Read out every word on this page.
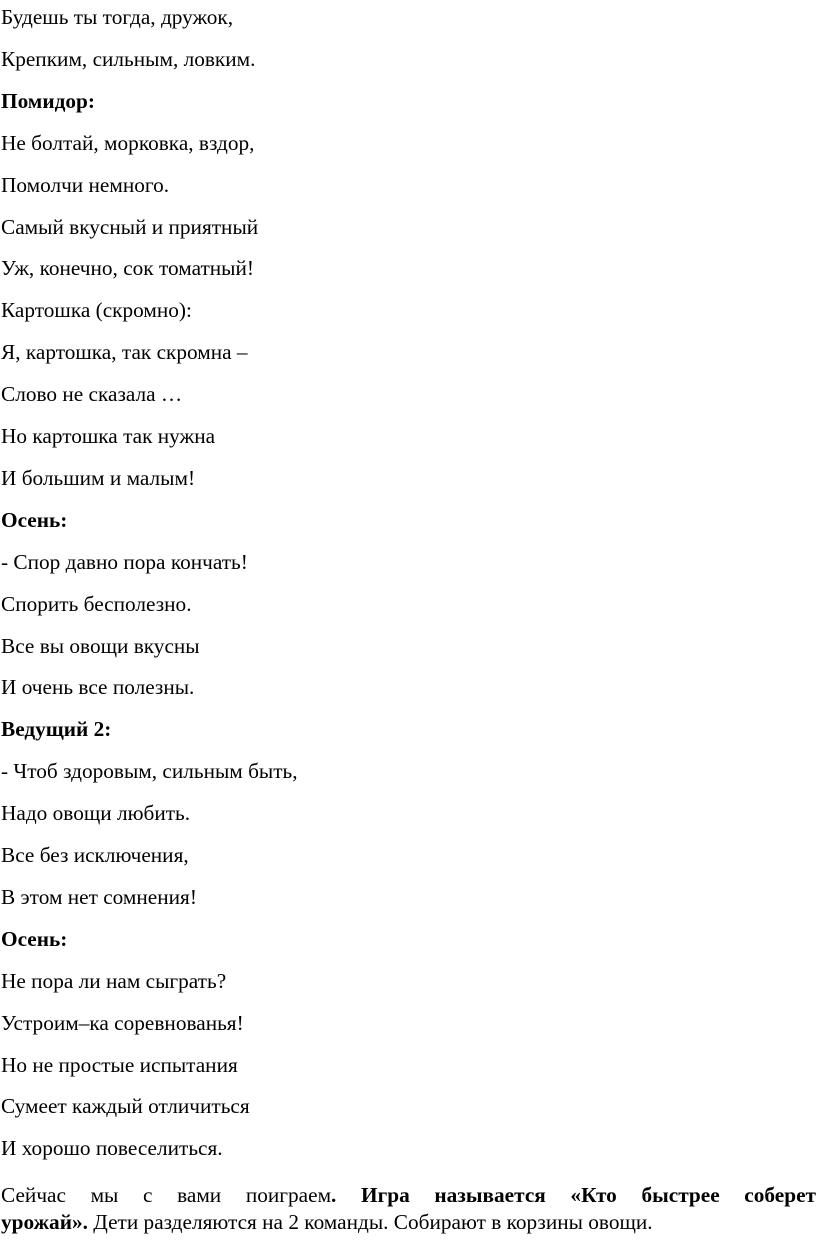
Будешь ты тогда, дружок,

Крепким, сильным, ловким.

Помидор:

Не болтай, морковка, вздор,

Помолчи немного.

Самый вкусный и приятный

Уж, конечно, сок томатный!

Картошка (скромно):

Я, картошка, так скромна –

Слово не сказала …

Но картошка так нужна

И большим и малым!

Осень:

- Спор давно пора кончать!

Спорить бесполезно.

Все вы овощи вкусны

И очень все полезны.

Ведущий 2:

- Чтоб здоровым, сильным быть,

Надо овощи любить.

Все без исключения,

В этом нет сомнения!

Осень:

Не пора ли нам сыграть?

Устроим–ка соревнованья!

Но не простые испытания

Сумеет каждый отличиться

И хорошо повеселиться.

Сейчас мы с вами поиграем. Игра называется «Кто быстрее соберет
урожай». Дети разделяются на 2 команды. Собирают в корзины овощи.
